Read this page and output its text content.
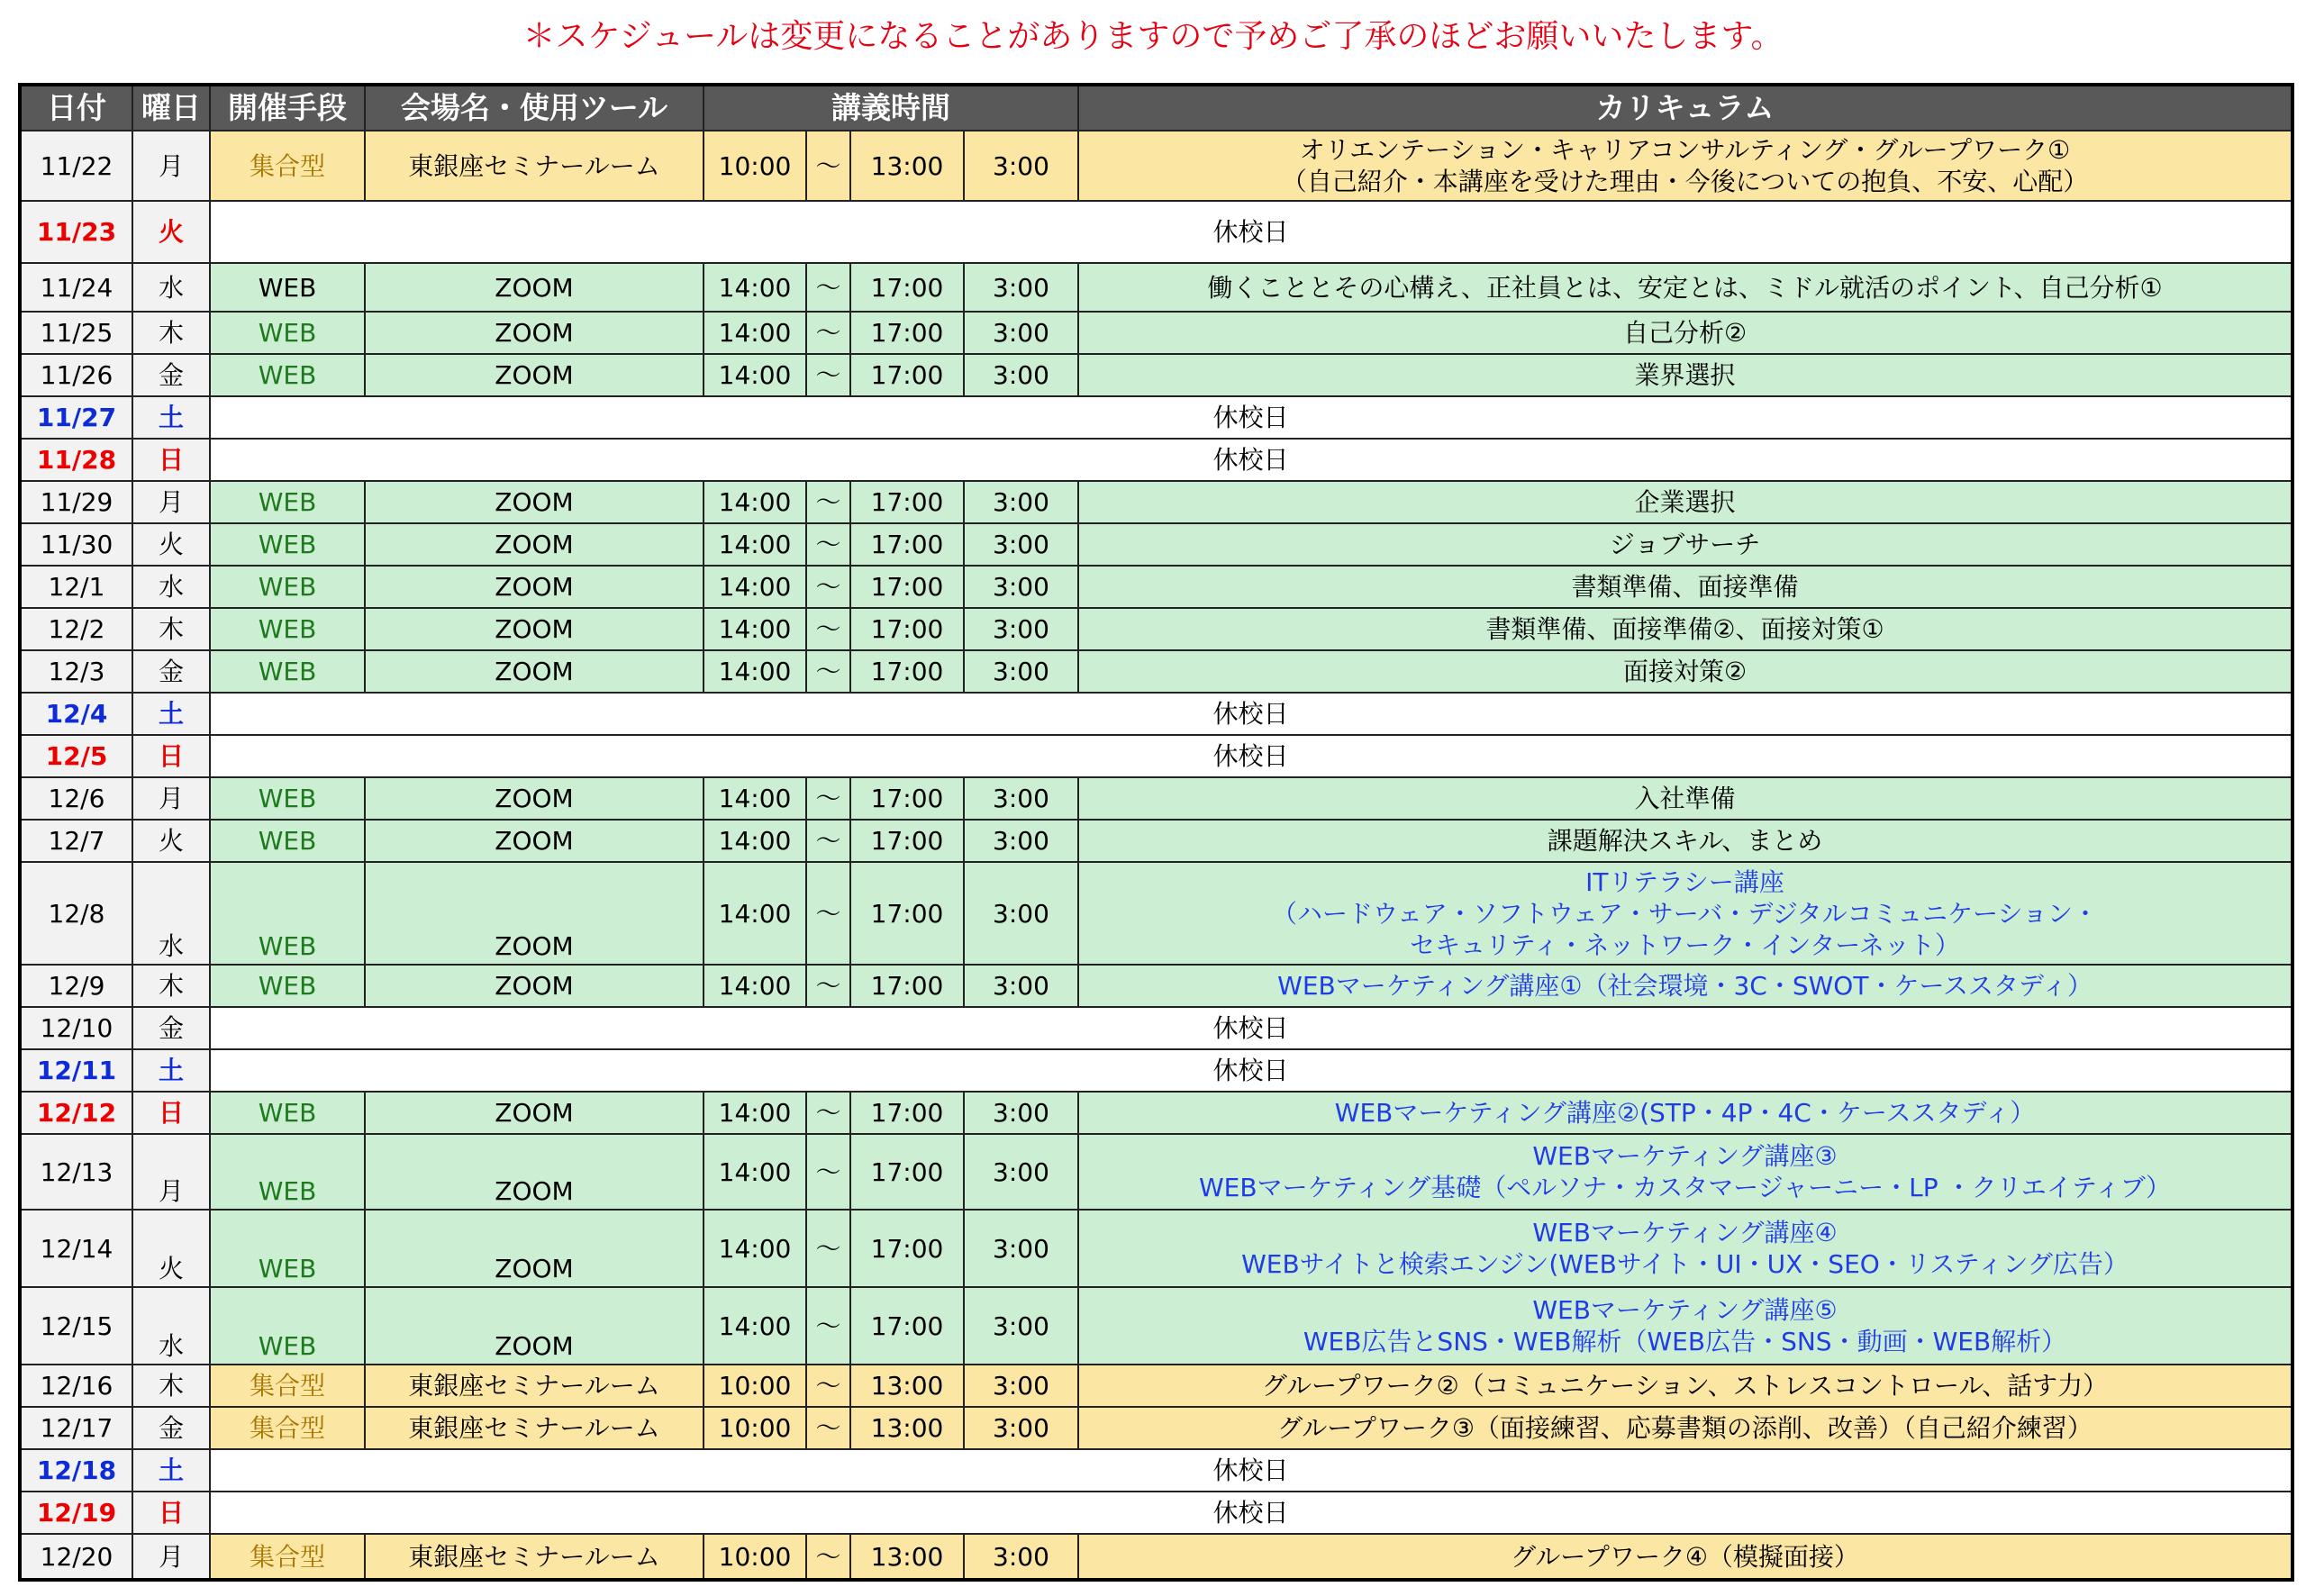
＊スケジュールは変更になることがありますので予めご了承のほどお願いいたします。
日付	曜日	開催手段	会場名・使用ツール	講義時間				カリキュラム
11/22	月	集合型	東銀座セミナールーム	10:00	～	13:00	3:00	オリエンテーション・キャリアコンサルティング・グループワーク①
（自己紹介・本講座を受けた理由・今後についての抱負、不安、心配）

11/23	火	休校日						
11/24	水	WEB	ZOOM	14:00	～	17:00	3:00	働くこととその心構え、正社員とは、安定とは、ミドル就活のポイント、自己分析①

11/25	木	WEB	ZOOM	14:00	～	17:00	3:00	自己分析②

11/26	金	WEB	ZOOM	14:00	～	17:00	3:00	業界選択

11/27	土	休校日						
11/28	日	休校日						
11/29	月	WEB	ZOOM	14:00	～	17:00	3:00	企業選択

11/30	火	WEB	ZOOM	14:00	～	17:00	3:00	ジョブサーチ

12/1	水	WEB	ZOOM	14:00	～	17:00	3:00	書類準備、面接準備

12/2	木	WEB	ZOOM	14:00	～	17:00	3:00	書類準備、面接準備②、面接対策①

12/3	金	WEB	ZOOM	14:00	～	17:00	3:00	面接対策②

12/4	土	休校日						
12/5	日	休校日						
12/6	月	WEB	ZOOM	14:00	～	17:00	3:00	入社準備

12/7	火	WEB	ZOOM	14:00	～	17:00	3:00	課題解決スキル、まとめ

12/8	水	WEB	ZOOM	14:00	～	17:00	3:00	ITリテラシー講座
（ハードウェア・ソフトウェア・サーバ・デジタルコミュニケーション・
セキュリティ・ネットワーク・インターネット）

12/9	木	WEB	ZOOM	14:00	～	17:00	3:00	WEBマーケティング講座①（社会環境・3C・SWOT・ケーススタディ）

12/10	金	休校日						
12/11	土	休校日						
12/12	日	WEB	ZOOM	14:00	～	17:00	3:00	WEBマーケティング講座②(STP・4P・4C・ケーススタディ）

12/13	月	WEB	ZOOM	14:00	～	17:00	3:00	WEBマーケティング講座③
WEBマーケティング基礎（ペルソナ・カスタマージャーニー・LP ・クリエイティブ）

12/14	火	WEB	ZOOM	14:00	～	17:00	3:00	WEBマーケティング講座④
WEBサイトと検索エンジン(WEBサイト・UI・UX・SEO・リスティング広告）

12/15	水	WEB	ZOOM	14:00	～	17:00	3:00	WEBマーケティング講座⑤
WEB広告とSNS・WEB解析（WEB広告・SNS・動画・WEB解析）

12/16	木	集合型	東銀座セミナールーム	10:00	～	13:00	3:00	グループワーク②（コミュニケーション、ストレスコントロール、話す力）

12/17	金	集合型	東銀座セミナールーム	10:00	～	13:00	3:00	グループワーク③（面接練習、応募書類の添削、改善）（自己紹介練習）

12/18	土	休校日						
12/19	日	休校日						
12/20	月	集合型	東銀座セミナールーム	10:00	～	13:00	3:00	グループワーク④（模擬面接）
